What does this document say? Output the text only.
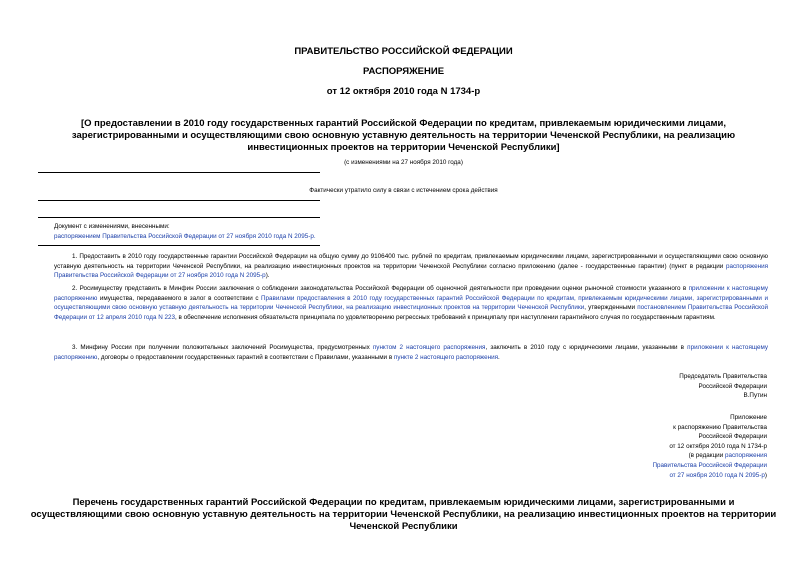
ПРАВИТЕЛЬСТВО РОССИЙСКОЙ ФЕДЕРАЦИИ

РАСПОРЯЖЕНИЕ

от 12 октября 2010 года N 1734-р

[О предоставлении в 2010 году государственных гарантий Российской Федерации по кредитам, привлекаемым юридическими лицами, зарегистрированными и осуществляющими свою основную уставную деятельность на территории Чеченской Республики, на реализацию инвестиционных проектов на территории Чеченской Республики]
(с изменениями на 27 ноября 2010 года)
Фактически утратило силу в связи с истечением срока действия
Документ с изменениями, внесенными:
распоряжением Правительства Российской Федерации от 27 ноября 2010 года N 2095-р.

1. Предоставить в 2010 году государственные гарантии Российской Федерации на общую сумму до 9106400 тыс. рублей по кредитам, привлекаемым юридическими лицами, зарегистрированными и осуществляющими свою основную уставную деятельность на территории Чеченской Республики, на реализацию инвестиционных проектов на территории Чеченской Республики согласно приложению (далее - государственные гарантии) (пункт в редакции распоряжения Правительства Российской Федерации от 27 ноября 2010 года N 2095-р).

2. Росимуществу представить в Минфин России заключения о соблюдении законодательства Российской Федерации об оценочной деятельности при проведении оценки рыночной стоимости указанного в приложении к настоящему распоряжению имущества, передаваемого в залог в соответствии с Правилами предоставления в 2010 году государственных гарантий Российской Федерации по кредитам, привлекаемым юридическими лицами, зарегистрированными и осуществляющими свою основную уставную деятельность на территории Чеченской Республики, на реализацию инвестиционных проектов на территории Чеченской Республики, утвержденными постановлением Правительства Российской Федерации от 12 апреля 2010 года N 223, в обеспечение исполнения обязательств принципала по удовлетворению регрессных требований к принципалу при наступлении гарантийного случая по государственным гарантиям.

3. Минфину России при получении положительных заключений Росимущества, предусмотренных пунктом 2 настоящего распоряжения, заключить в 2010 году с юридическими лицами, указанными в приложении к настоящему распоряжению, договоры о предоставлении государственных гарантий в соответствии с Правилами, указанными в пункте 2 настоящего распоряжения.

Председатель Правительства
Российской Федерации
В.Путин
Приложение
к распоряжению Правительства
Российской Федерации
от 12 октября 2010 года N 1734-р
(в редакции распоряжения
Правительства Российской Федерации
от 27 ноября 2010 года N 2095-р)
Перечень государственных гарантий Российской Федерации по кредитам, привлекаемым юридическими лицами, зарегистрированными и осуществляющими свою основную уставную деятельность на территории Чеченской Республики, на реализацию инвестиционных проектов на территории Чеченской Республики
